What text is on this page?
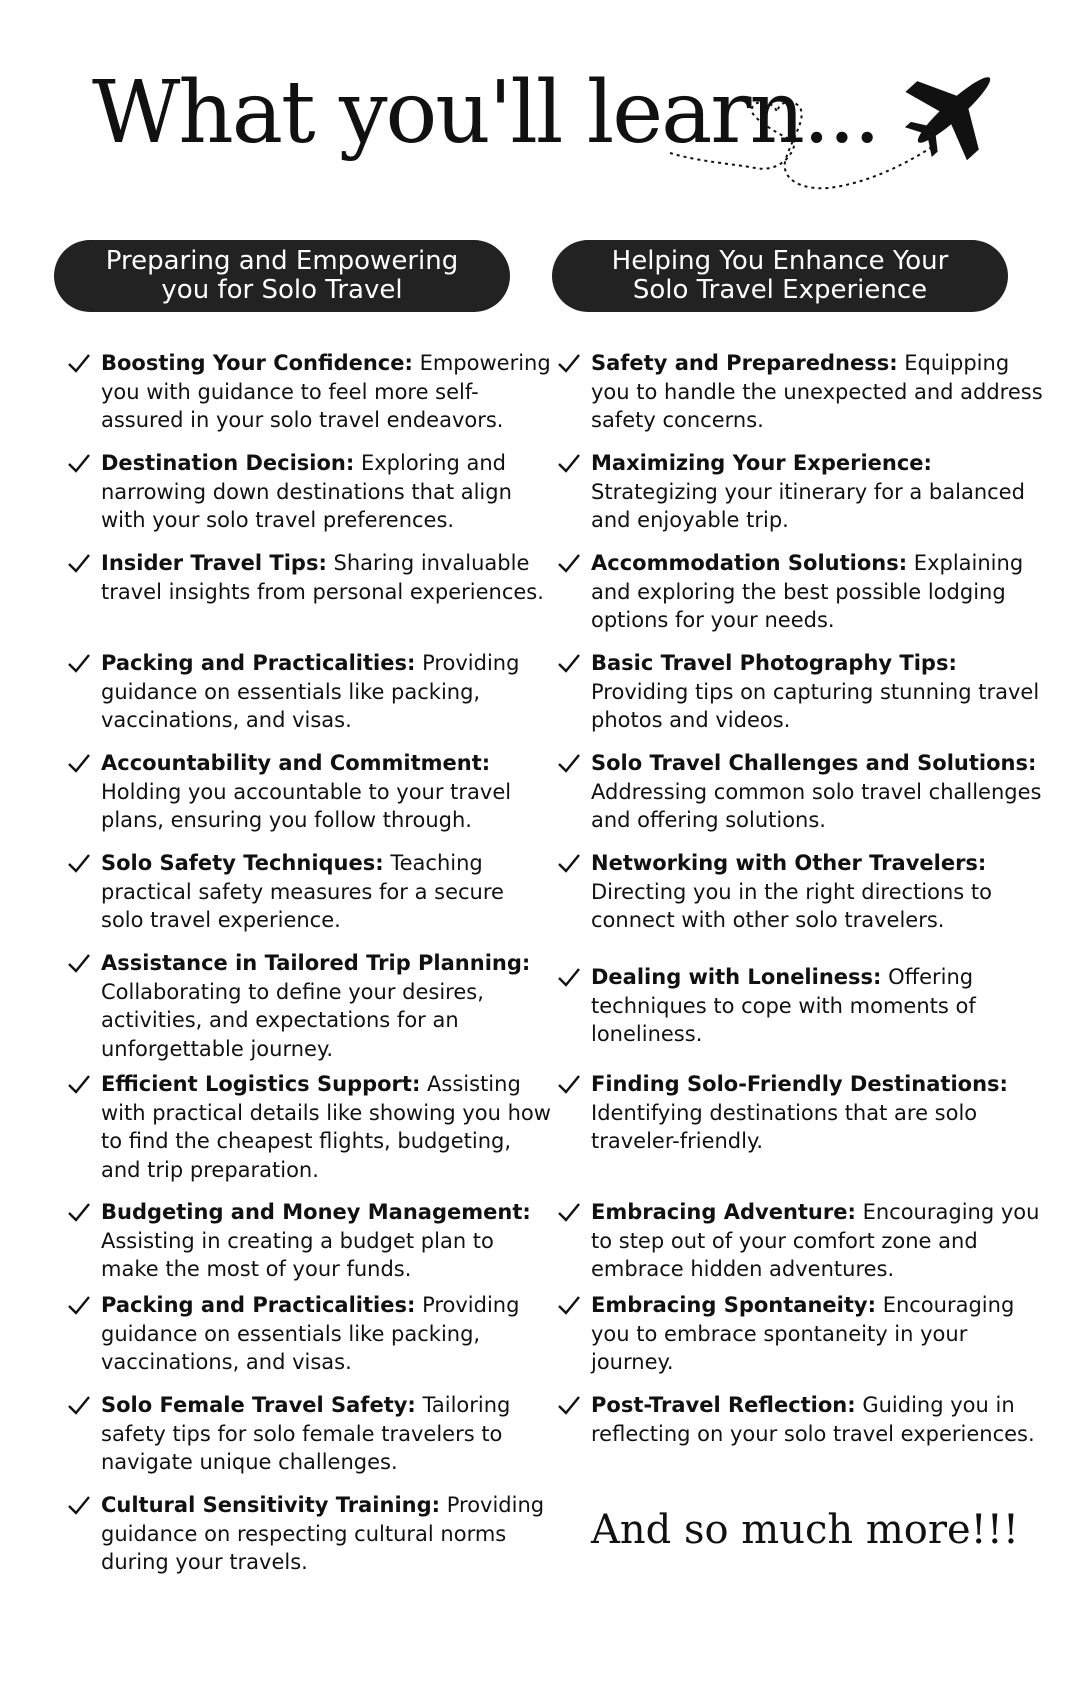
What you'll learn...
Preparing and Empowering you for Solo Travel
Helping You Enhance Your Solo Travel Experience
Boosting Your Confidence: Empowering you with guidance to feel more self-assured in your solo travel endeavors.
Destination Decision: Exploring and narrowing down destinations that align with your solo travel preferences.
Insider Travel Tips: Sharing invaluable travel insights from personal experiences.
Packing and Practicalities: Providing guidance on essentials like packing, vaccinations, and visas.
Accountability and Commitment: Holding you accountable to your travel plans, ensuring you follow through.
Solo Safety Techniques: Teaching practical safety measures for a secure solo travel experience.
Assistance in Tailored Trip Planning: Collaborating to define your desires, activities, and expectations for an unforgettable journey.
Efficient Logistics Support: Assisting with practical details like showing you how to find the cheapest flights, budgeting, and trip preparation.
Budgeting and Money Management: Assisting in creating a budget plan to make the most of your funds.
Packing and Practicalities: Providing guidance on essentials like packing, vaccinations, and visas.
Solo Female Travel Safety: Tailoring safety tips for solo female travelers to navigate unique challenges.
Cultural Sensitivity Training: Providing guidance on respecting cultural norms during your travels.
Safety and Preparedness: Equipping you to handle the unexpected and address safety concerns.
Maximizing Your Experience: Strategizing your itinerary for a balanced and enjoyable trip.
Accommodation Solutions: Explaining and exploring the best possible lodging options for your needs.
Basic Travel Photography Tips: Providing tips on capturing stunning travel photos and videos.
Solo Travel Challenges and Solutions: Addressing common solo travel challenges and offering solutions.
Networking with Other Travelers: Directing you in the right directions to connect with other solo travelers.
Dealing with Loneliness: Offering techniques to cope with moments of loneliness.
Finding Solo-Friendly Destinations: Identifying destinations that are solo traveler-friendly.
Embracing Adventure: Encouraging you to step out of your comfort zone and embrace hidden adventures.
Embracing Spontaneity: Encouraging you to embrace spontaneity in your journey.
Post-Travel Reflection: Guiding you in reflecting on your solo travel experiences.
And so much more!!!
